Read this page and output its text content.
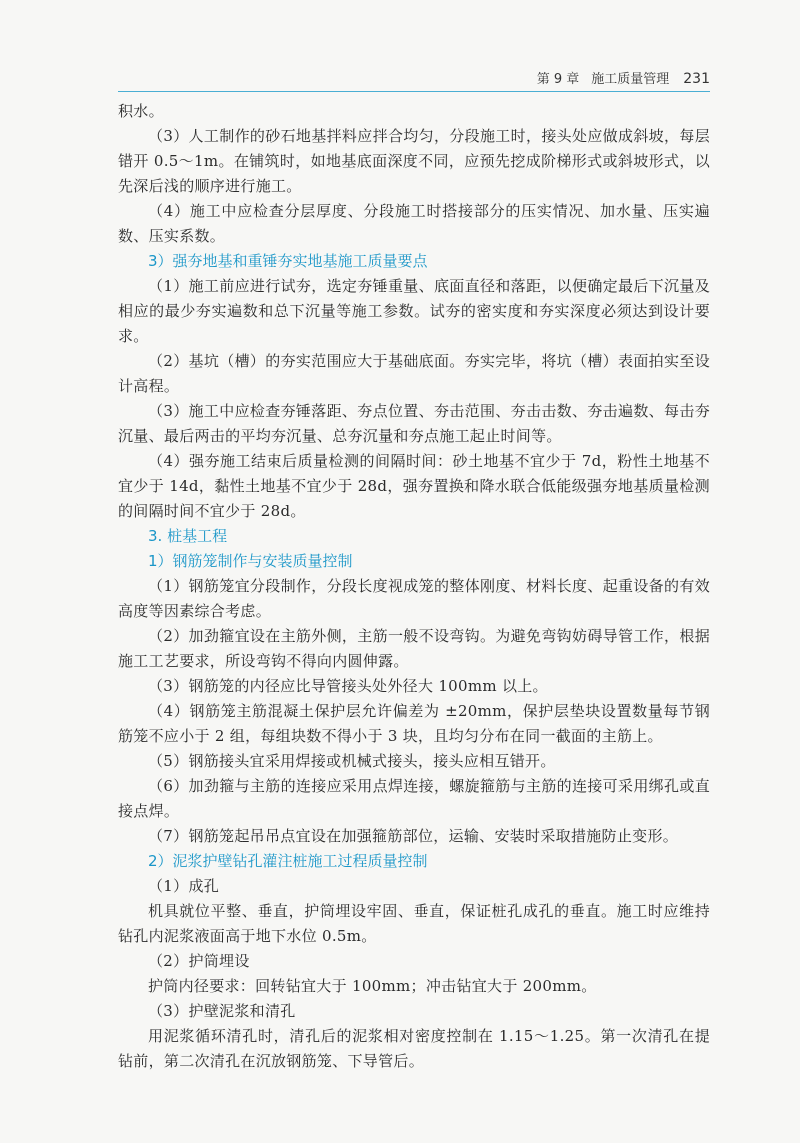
第 9 章 施工质量管理 231

积水。

（3）人工制作的砂石地基拌料应拌合均匀，分段施工时，接头处应做成斜坡，每层错开 0.5～1m。在铺筑时，如地基底面深度不同，应预先挖成阶梯形式或斜坡形式，以先深后浅的顺序进行施工。

（4）施工中应检查分层厚度、分段施工时搭接部分的压实情况、加水量、压实遍数、压实系数。

3）强夯地基和重锤夯实地基施工质量要点

（1）施工前应进行试夯，选定夯锤重量、底面直径和落距，以便确定最后下沉量及相应的最少夯实遍数和总下沉量等施工参数。试夯的密实度和夯实深度必须达到设计要求。

（2）基坑（槽）的夯实范围应大于基础底面。夯实完毕，将坑（槽）表面拍实至设计高程。

（3）施工中应检查夯锤落距、夯点位置、夯击范围、夯击击数、夯击遍数、每击夯沉量、最后两击的平均夯沉量、总夯沉量和夯点施工起止时间等。

（4）强夯施工结束后质量检测的间隔时间：砂土地基不宜少于 7d，粉性土地基不宜少于 14d，黏性土地基不宜少于 28d，强夯置换和降水联合低能级强夯地基质量检测的间隔时间不宜少于 28d。

3. 桩基工程

1）钢筋笼制作与安装质量控制

（1）钢筋笼宜分段制作，分段长度视成笼的整体刚度、材料长度、起重设备的有效高度等因素综合考虑。

（2）加劲箍宜设在主筋外侧，主筋一般不设弯钩。为避免弯钩妨碍导管工作，根据施工工艺要求，所设弯钩不得向内圆伸露。

（3）钢筋笼的内径应比导管接头处外径大 100mm 以上。

（4）钢筋笼主筋混凝土保护层允许偏差为 ±20mm，保护层垫块设置数量每节钢筋笼不应小于 2 组，每组块数不得小于 3 块，且均匀分布在同一截面的主筋上。

（5）钢筋接头宜采用焊接或机械式接头，接头应相互错开。

（6）加劲箍与主筋的连接应采用点焊连接，螺旋箍筋与主筋的连接可采用绑孔或直接点焊。

（7）钢筋笼起吊吊点宜设在加强箍筋部位，运输、安装时采取措施防止变形。

2）泥浆护壁钻孔灌注桩施工过程质量控制

（1）成孔

机具就位平整、垂直，护筒埋设牢固、垂直，保证桩孔成孔的垂直。施工时应维持钻孔内泥浆液面高于地下水位 0.5m。

（2）护筒埋设

护筒内径要求：回转钻宜大于 100mm；冲击钻宜大于 200mm。

（3）护壁泥浆和清孔

用泥浆循环清孔时，清孔后的泥浆相对密度控制在 1.15～1.25。第一次清孔在提钻前，第二次清孔在沉放钢筋笼、下导管后。
